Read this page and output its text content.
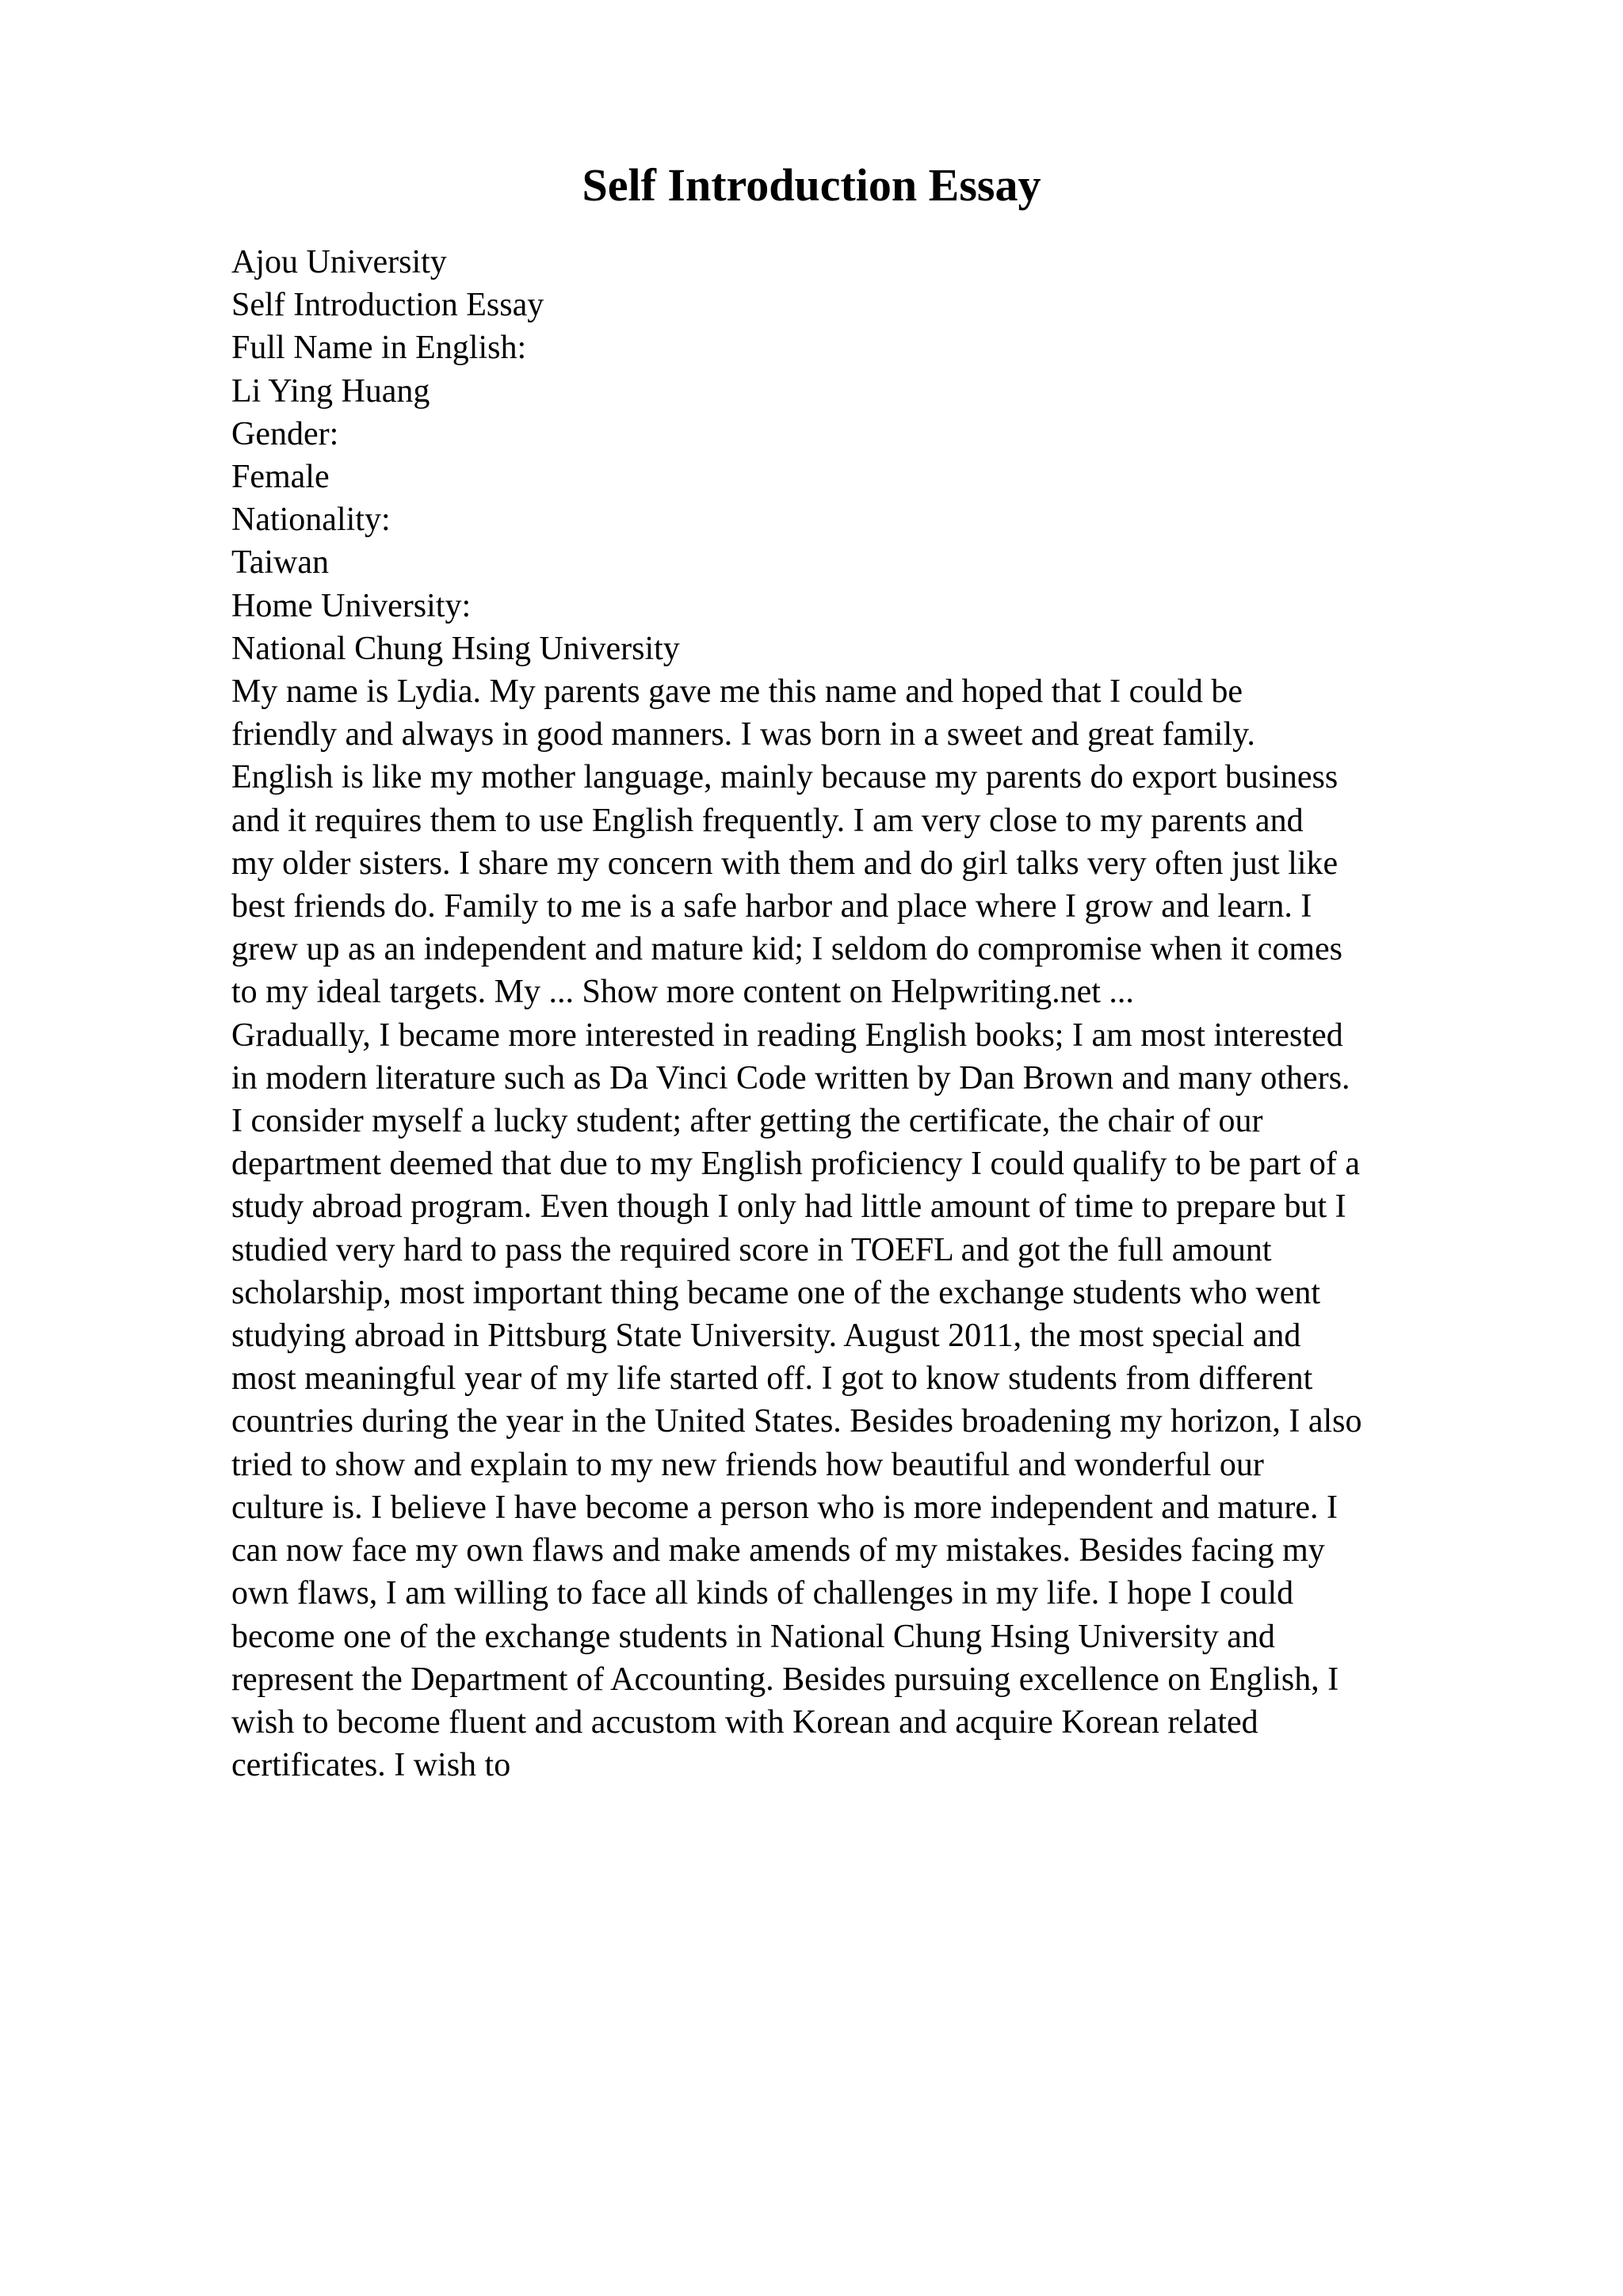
Self Introduction Essay
Ajou University
Self Introduction Essay
Full Name in English:
Li Ying Huang
Gender:
Female
Nationality:
Taiwan
Home University:
National Chung Hsing University
My name is Lydia. My parents gave me this name and hoped that I could be
friendly and always in good manners. I was born in a sweet and great family.
English is like my mother language, mainly because my parents do export business
and it requires them to use English frequently. I am very close to my parents and
my older sisters. I share my concern with them and do girl talks very often just like
best friends do. Family to me is a safe harbor and place where I grow and learn. I
grew up as an independent and mature kid; I seldom do compromise when it comes
to my ideal targets. My ... Show more content on Helpwriting.net ...
Gradually, I became more interested in reading English books; I am most interested
in modern literature such as Da Vinci Code written by Dan Brown and many others.
I consider myself a lucky student; after getting the certificate, the chair of our
department deemed that due to my English proficiency I could qualify to be part of a
study abroad program. Even though I only had little amount of time to prepare but I
studied very hard to pass the required score in TOEFL and got the full amount
scholarship, most important thing became one of the exchange students who went
studying abroad in Pittsburg State University. August 2011, the most special and
most meaningful year of my life started off. I got to know students from different
countries during the year in the United States. Besides broadening my horizon, I also
tried to show and explain to my new friends how beautiful and wonderful our
culture is. I believe I have become a person who is more independent and mature. I
can now face my own flaws and make amends of my mistakes. Besides facing my
own flaws, I am willing to face all kinds of challenges in my life. I hope I could
become one of the exchange students in National Chung Hsing University and
represent the Department of Accounting. Besides pursuing excellence on English, I
wish to become fluent and accustom with Korean and acquire Korean related
certificates. I wish to
